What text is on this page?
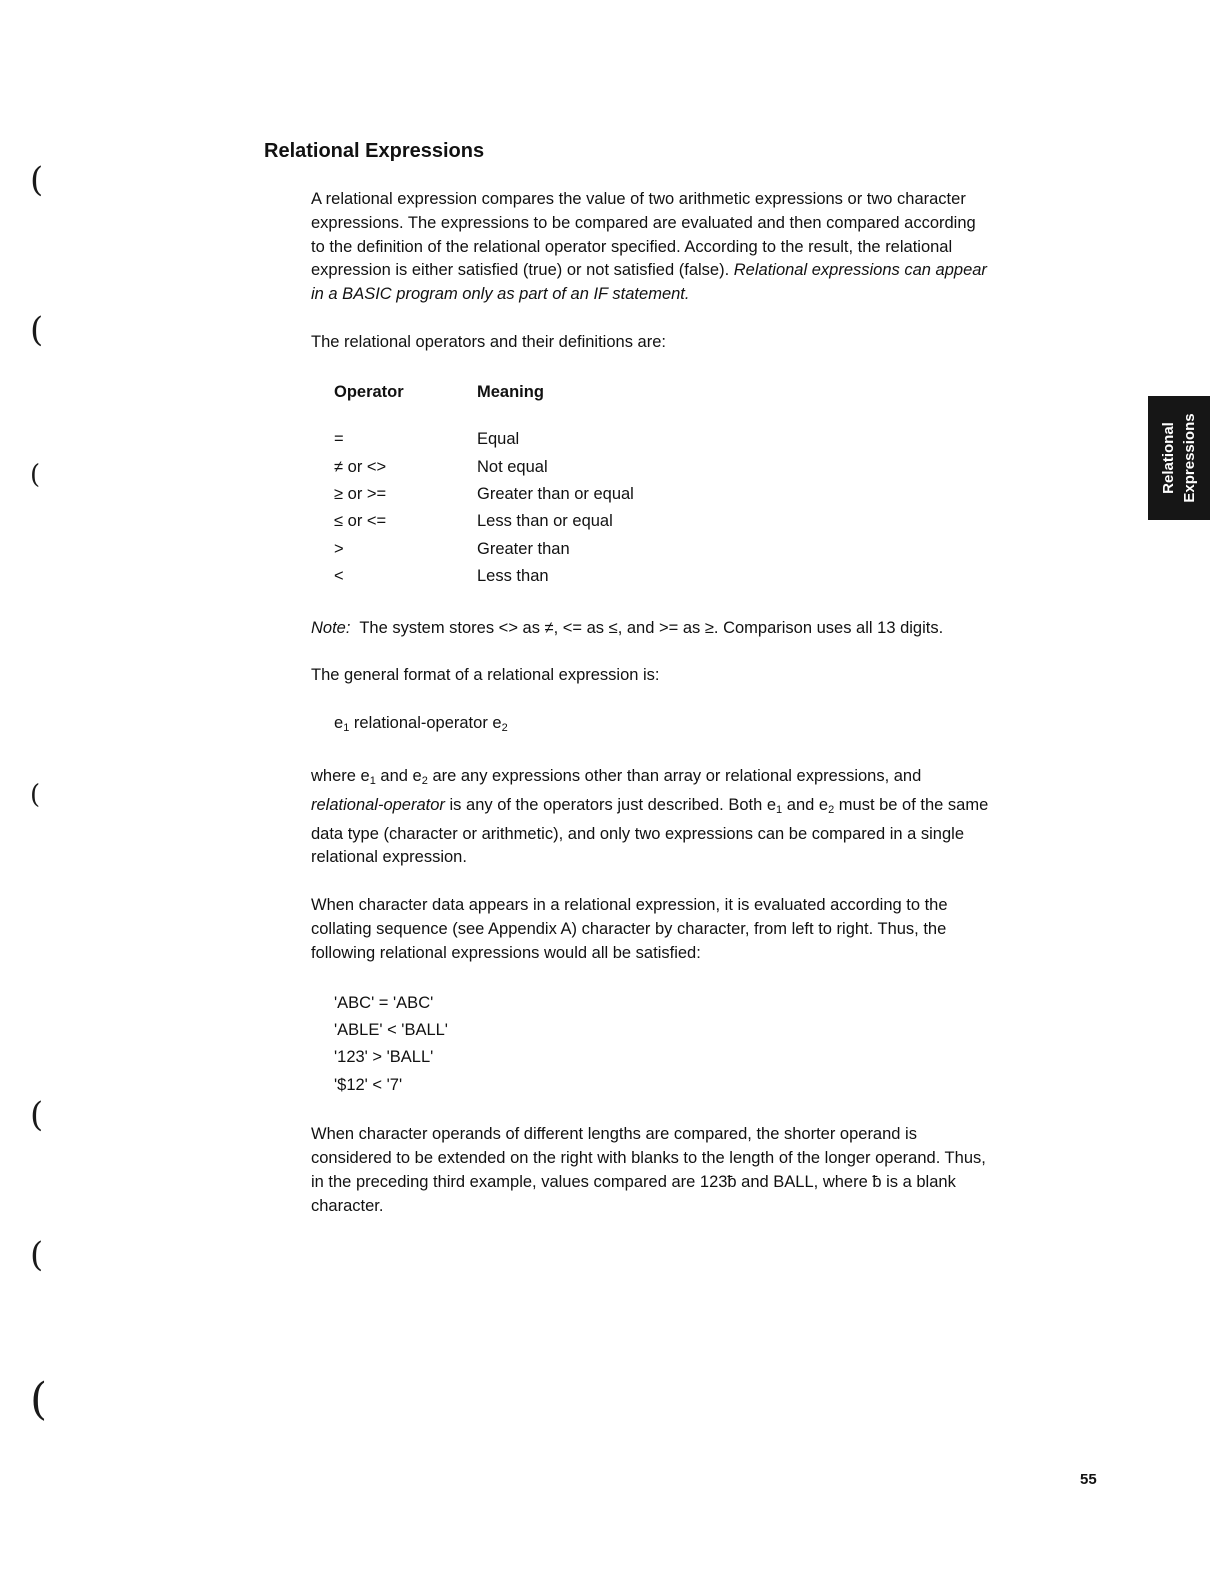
Relational Expressions

A relational expression compares the value of two arithmetic expressions or two character expressions. The expressions to be compared are evaluated and then compared according to the definition of the relational operator specified. According to the result, the relational expression is either satisfied (true) or not satisfied (false). Relational expressions can appear in a BASIC program only as part of an IF statement.

The relational operators and their definitions are:

Operator	Meaning
=	Equal
≠ or <>	Not equal
≥ or >=	Greater than or equal
≤ or <=	Less than or equal
>	Greater than
<	Less than

Note: The system stores <> as ≠, <= as ≤, and >= as ≥. Comparison uses all 13 digits.

The general format of a relational expression is:

$e_1$ relational-operator $e_2$

where $e_1$ and $e_2$ are any expressions other than array or relational expressions, and relational-operator is any of the operators just described. Both $e_1$ and $e_2$ must be of the same data type (character or arithmetic), and only two expressions can be compared in a single relational expression.

When character data appears in a relational expression, it is evaluated according to the collating sequence (see Appendix A) character by character, from left to right. Thus, the following relational expressions would all be satisfied:

'ABC' = 'ABC'
'ABLE' < 'BALL'
'123' > 'BALL'
'$12' < '7'

When character operands of different lengths are compared, the shorter operand is considered to be extended on the right with blanks to the length of the longer operand. Thus, in the preceding third example, values compared are 123ƀ and BALL, where ƀ is a blank character.

Relational Expressions
55
(
(
(
(
(
(
(
